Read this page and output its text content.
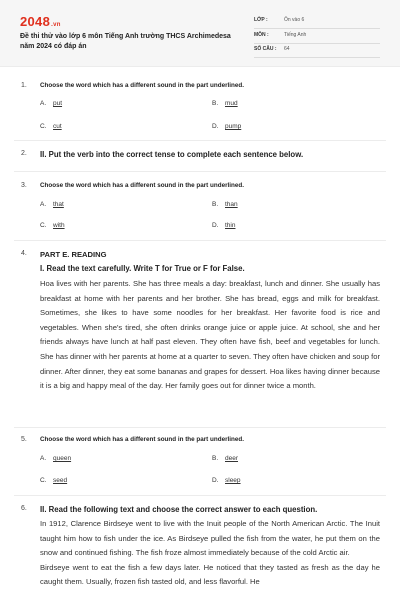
2048.vn
Đề thi thử vào lớp 6 môn Tiếng Anh trường THCS Archimedesa năm 2024 có đáp án
LỚP :	Ôn vào 6
MÔN :	Tiếng Anh
SỐ CÂU : 64
1. Choose the word which has a different sound in the part underlined.
A. put	B. mud
C. cut	D. pump
2. II. Put the verb into the correct tense to complete each sentence below.
3. Choose the word which has a different sound in the part underlined.
A. that	B. than
C. with	D. thin
4. PART E. READING
I. Read the text carefully. Write T for True or F for False.

Hoa lives with her parents. She has three meals a day: breakfast, lunch and dinner. She usually has breakfast at home with her parents and her brother. She has bread, eggs and milk for breakfast. Sometimes, she likes to have some noodles for her breakfast. Her favorite food is rice and vegetables. When she's tired, she often drinks orange juice or apple juice. At school, she and her friends always have lunch at half past eleven. They often have fish, beef and vegetables for lunch. She has dinner with her parents at home at a quarter to seven. They often have chicken and soup for dinner. After dinner, they eat some bananas and grapes for dessert. Hoa likes having dinner because it is a big and happy meal of the day. Her family goes out for dinner twice a month.

5. Choose the word which has a different sound in the part underlined.
A. queen	B. deer
C. seed	D. sleep
6. II. Read the following text and choose the correct answer to each question.

In 1912, Clarence Birdseye went to live with the Inuit people of the North American Arctic. The Inuit taught him how to fish under the ice. As Birdseye pulled the fish from the water, he put them on the snow and continued fishing. The fish froze almost immediately because of the cold Arctic air.

Birdseye went to eat the fish a few days later. He noticed that they tasted as fresh as the day he caught them. Usually, frozen fish tasted old, and less flavorful. He
